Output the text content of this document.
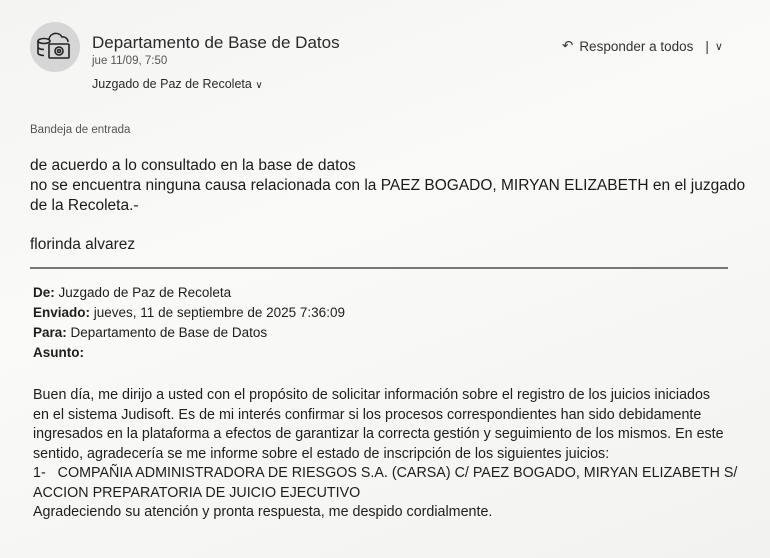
Departamento de Base de Datos
jue 11/09, 7:50
Juzgado de Paz de Recoleta ∨
↶ Responder a todos | ∨
Bandeja de entrada
de acuerdo a lo consultado en la base de datos
no se encuentra ninguna causa relacionada con la PAEZ BOGADO, MIRYAN ELIZABETH en el juzgado
de la Recoleta.-
florinda alvarez
De: Juzgado de Paz de Recoleta
Enviado: jueves, 11 de septiembre de 2025 7:36:09
Para: Departamento de Base de Datos
Asunto:
Buen día, me dirijo a usted con el propósito de solicitar información sobre el registro de los juicios iniciados
en el sistema Judisoft. Es de mi interés confirmar si los procesos correspondientes han sido debidamente
ingresados en la plataforma a efectos de garantizar la correcta gestión y seguimiento de los mismos. En este
sentido, agradecería se me informe sobre el estado de inscripción de los siguientes juicios:
1-   COMPAÑIA ADMINISTRADORA DE RIESGOS S.A. (CARSA) C/ PAEZ BOGADO, MIRYAN ELIZABETH S/
ACCION PREPARATORIA DE JUICIO EJECUTIVO
Agradeciendo su atención y pronta respuesta, me despido cordialmente.
